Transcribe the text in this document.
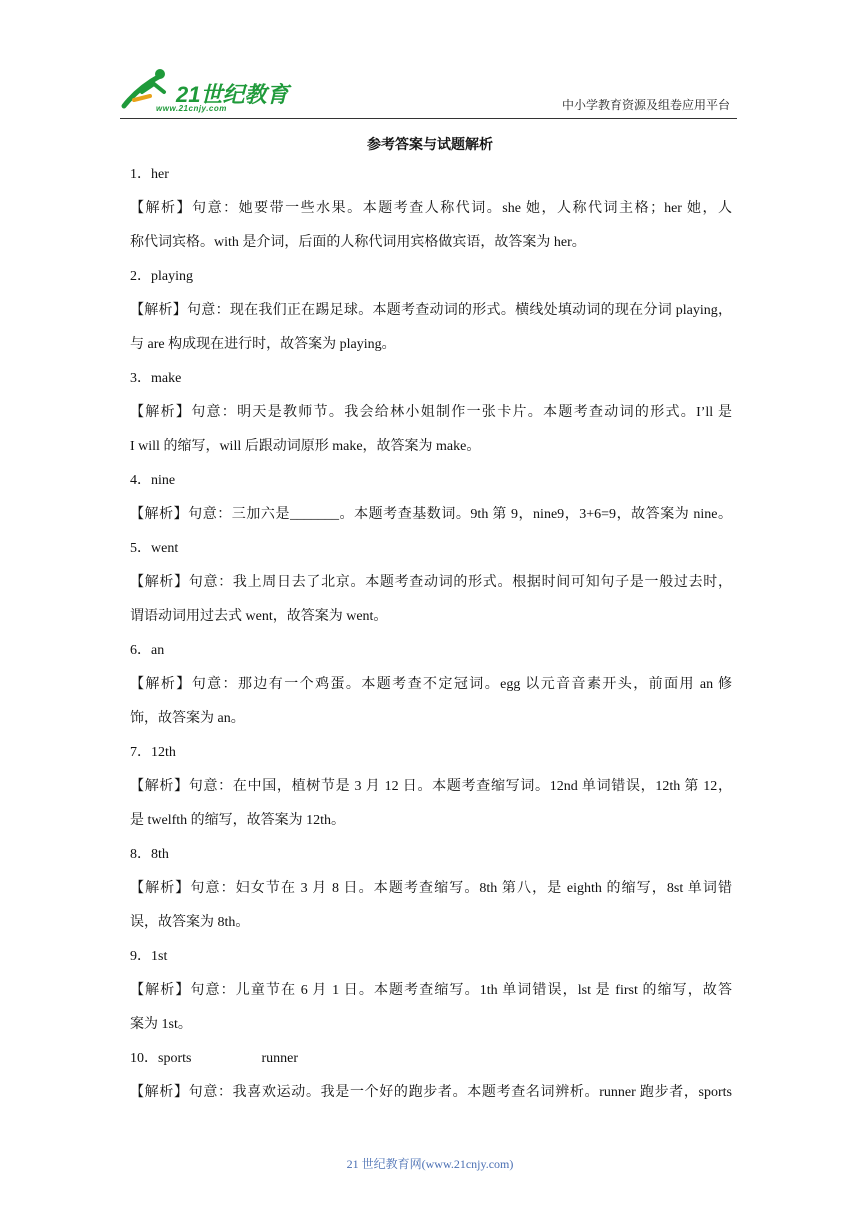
21世纪教育
www.21cnjy.com	中小学教育资源及组卷应用平台
参考答案与试题解析
1．her
【解析】句意：她要带一些水果。本题考查人称代词。she 她，人称代词主格；her 她，人
称代词宾格。with 是介词，后面的人称代词用宾格做宾语，故答案为 her。
2．playing
【解析】句意：现在我们正在踢足球。本题考查动词的形式。横线处填动词的现在分词 playing，
与 are 构成现在进行时，故答案为 playing。
3．make
【解析】句意：明天是教师节。我会给林小姐制作一张卡片。本题考查动词的形式。I’ll 是
I will 的缩写，will 后跟动词原形 make，故答案为 make。
4．nine
【解析】句意：三加六是_______。本题考查基数词。9th 第 9，nine9，3+6=9，故答案为 nine。
5．went
【解析】句意：我上周日去了北京。本题考查动词的形式。根据时间可知句子是一般过去时，
谓语动词用过去式 went，故答案为 went。
6．an
【解析】句意：那边有一个鸡蛋。本题考查不定冠词。egg 以元音音素开头，前面用 an 修
饰，故答案为 an。
7．12th
【解析】句意：在中国，植树节是 3 月 12 日。本题考查缩写词。12nd 单词错误，12th 第 12，
是 twelfth 的缩写，故答案为 12th。
8．8th
【解析】句意：妇女节在 3 月 8 日。本题考查缩写。8th 第八，是 eighth 的缩写，8st 单词错
误，故答案为 8th。
9．1st
【解析】句意：儿童节在 6 月 1 日。本题考查缩写。1th 单词错误，lst 是 first 的缩写，故答
案为 1st。
10．sports	runner
【解析】句意：我喜欢运动。我是一个好的跑步者。本题考查名词辨析。runner 跑步者，sports
21 世纪教育网(www.21cnjy.com)
